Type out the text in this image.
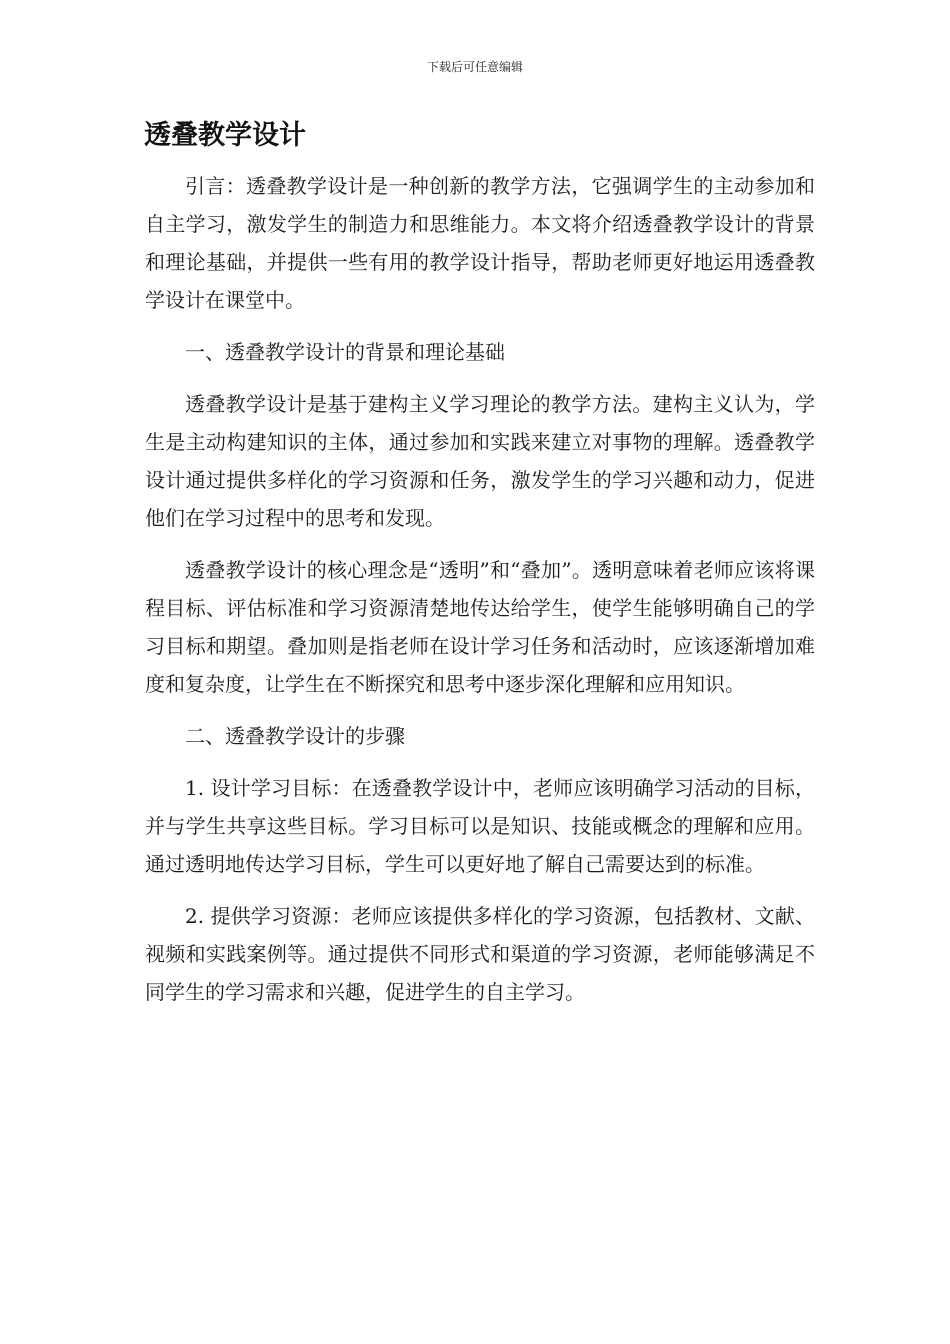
下载后可任意编辑
透叠教学设计

引言：透叠教学设计是一种创新的教学方法，它强调学生的主动参加和自主学习，激发学生的制造力和思维能力。本文将介绍透叠教学设计的背景和理论基础，并提供一些有用的教学设计指导，帮助老师更好地运用透叠教学设计在课堂中。

一、透叠教学设计的背景和理论基础

透叠教学设计是基于建构主义学习理论的教学方法。建构主义认为，学生是主动构建知识的主体，通过参加和实践来建立对事物的理解。透叠教学设计通过提供多样化的学习资源和任务，激发学生的学习兴趣和动力，促进他们在学习过程中的思考和发现。

透叠教学设计的核心理念是“透明”和“叠加”。透明意味着老师应该将课程目标、评估标准和学习资源清楚地传达给学生，使学生能够明确自己的学习目标和期望。叠加则是指老师在设计学习任务和活动时，应该逐渐增加难度和复杂度，让学生在不断探究和思考中逐步深化理解和应用知识。

二、透叠教学设计的步骤

1. 设计学习目标：在透叠教学设计中，老师应该明确学习活动的目标，并与学生共享这些目标。学习目标可以是知识、技能或概念的理解和应用。通过透明地传达学习目标，学生可以更好地了解自己需要达到的标准。

2. 提供学习资源：老师应该提供多样化的学习资源，包括教材、文献、视频和实践案例等。通过提供不同形式和渠道的学习资源，老师能够满足不同学生的学习需求和兴趣，促进学生的自主学习。
